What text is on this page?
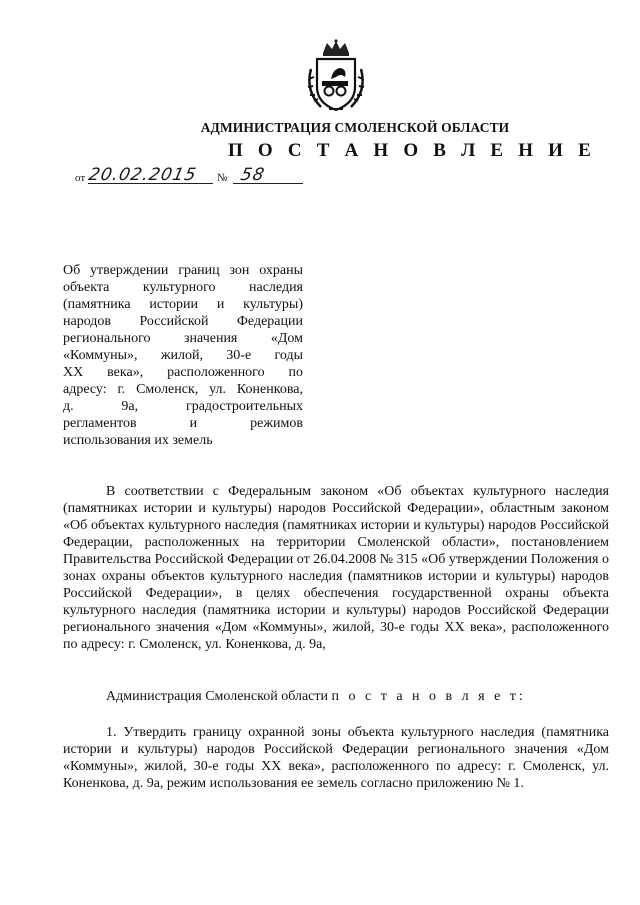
АДМИНИСТРАЦИЯ СМОЛЕНСКОЙ ОБЛАСТИ
П О С Т А Н О В Л Е Н И Е
от 20.02.2015 № 58
Об утверждении границ зон охраны
объекта культурного наследия
(памятника истории и культуры)
народов Российской Федерации
регионального значения «Дом
«Коммуны», жилой, 30-е годы
XX века», расположенного по
адресу: г. Смоленск, ул. Коненкова,
д. 9а, градостроительных
регламентов и режимов
использования их земель

В соответствии с Федеральным законом «Об объектах культурного наследия (памятниках истории и культуры) народов Российской Федерации», областным законом «Об объектах культурного наследия (памятниках истории и культуры) народов Российской Федерации, расположенных на территории Смоленской области», постановлением Правительства Российской Федерации от 26.04.2008 № 315 «Об утверждении Положения о зонах охраны объектов культурного наследия (памятников истории и культуры) народов Российской Федерации», в целях обеспечения государственной охраны объекта культурного наследия (памятника истории и культуры) народов Российской Федерации регионального значения «Дом «Коммуны», жилой, 30-е годы XX века», расположенного по адресу: г. Смоленск, ул. Коненкова, д. 9а,

Администрация Смоленской области п о с т а н о в л я е т:

1. Утвердить границу охранной зоны объекта культурного наследия (памятника истории и культуры) народов Российской Федерации регионального значения «Дом «Коммуны», жилой, 30-е годы XX века», расположенного по адресу: г. Смоленск, ул. Коненкова, д. 9а, режим использования ее земель согласно приложению № 1.
